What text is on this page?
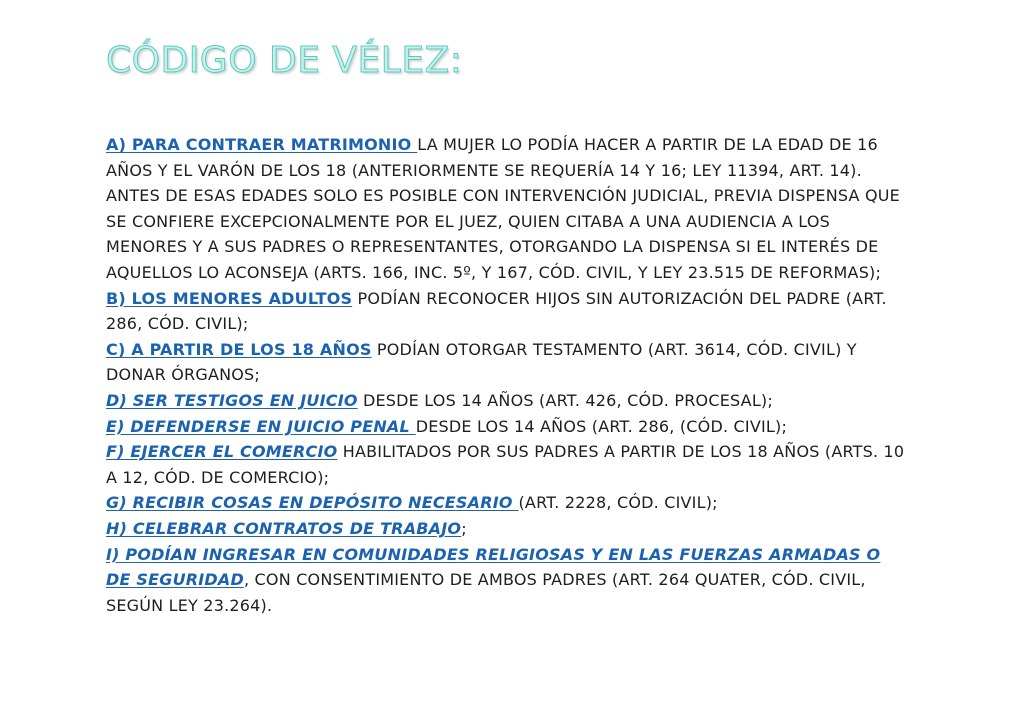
CÓDIGO DE VÉLEZ:

A) PARA CONTRAER MATRIMONIO LA MUJER LO PODÍA HACER A PARTIR DE LA EDAD DE 16 AÑOS Y EL VARÓN DE LOS 18 (ANTERIORMENTE SE REQUERÍA 14 Y 16; LEY 11394, ART. 14). ANTES DE ESAS EDADES SOLO ES POSIBLE CON INTERVENCIÓN JUDICIAL, PREVIA DISPENSA QUE SE CONFIERE EXCEPCIONALMENTE POR EL JUEZ, QUIEN CITABA A UNA AUDIENCIA A LOS MENORES Y A SUS PADRES O REPRESENTANTES, OTORGANDO LA DISPENSA SI EL INTERÉS DE AQUELLOS LO ACONSEJA (ARTS. 166, INC. 5º, Y 167, CÓD. CIVIL, Y LEY 23.515 DE REFORMAS);

B) LOS MENORES ADULTOS PODÍAN RECONOCER HIJOS SIN AUTORIZACIÓN DEL PADRE (ART. 286, CÓD. CIVIL);

C) A PARTIR DE LOS 18 AÑOS PODÍAN OTORGAR TESTAMENTO (ART. 3614, CÓD. CIVIL) Y DONAR ÓRGANOS;

D) SER TESTIGOS EN JUICIO DESDE LOS 14 AÑOS (ART. 426, CÓD. PROCESAL);

E) DEFENDERSE EN JUICIO PENAL DESDE LOS 14 AÑOS (ART. 286, (CÓD. CIVIL);

F) EJERCER EL COMERCIO HABILITADOS POR SUS PADRES A PARTIR DE LOS 18 AÑOS (ARTS. 10 A 12, CÓD. DE COMERCIO);

G) RECIBIR COSAS EN DEPÓSITO NECESARIO (ART. 2228, CÓD. CIVIL);

H) CELEBRAR CONTRATOS DE TRABAJO;

I) PODÍAN INGRESAR EN COMUNIDADES RELIGIOSAS Y EN LAS FUERZAS ARMADAS O DE SEGURIDAD, CON CONSENTIMIENTO DE AMBOS PADRES (ART. 264 QUATER, CÓD. CIVIL, SEGÚN LEY 23.264).
